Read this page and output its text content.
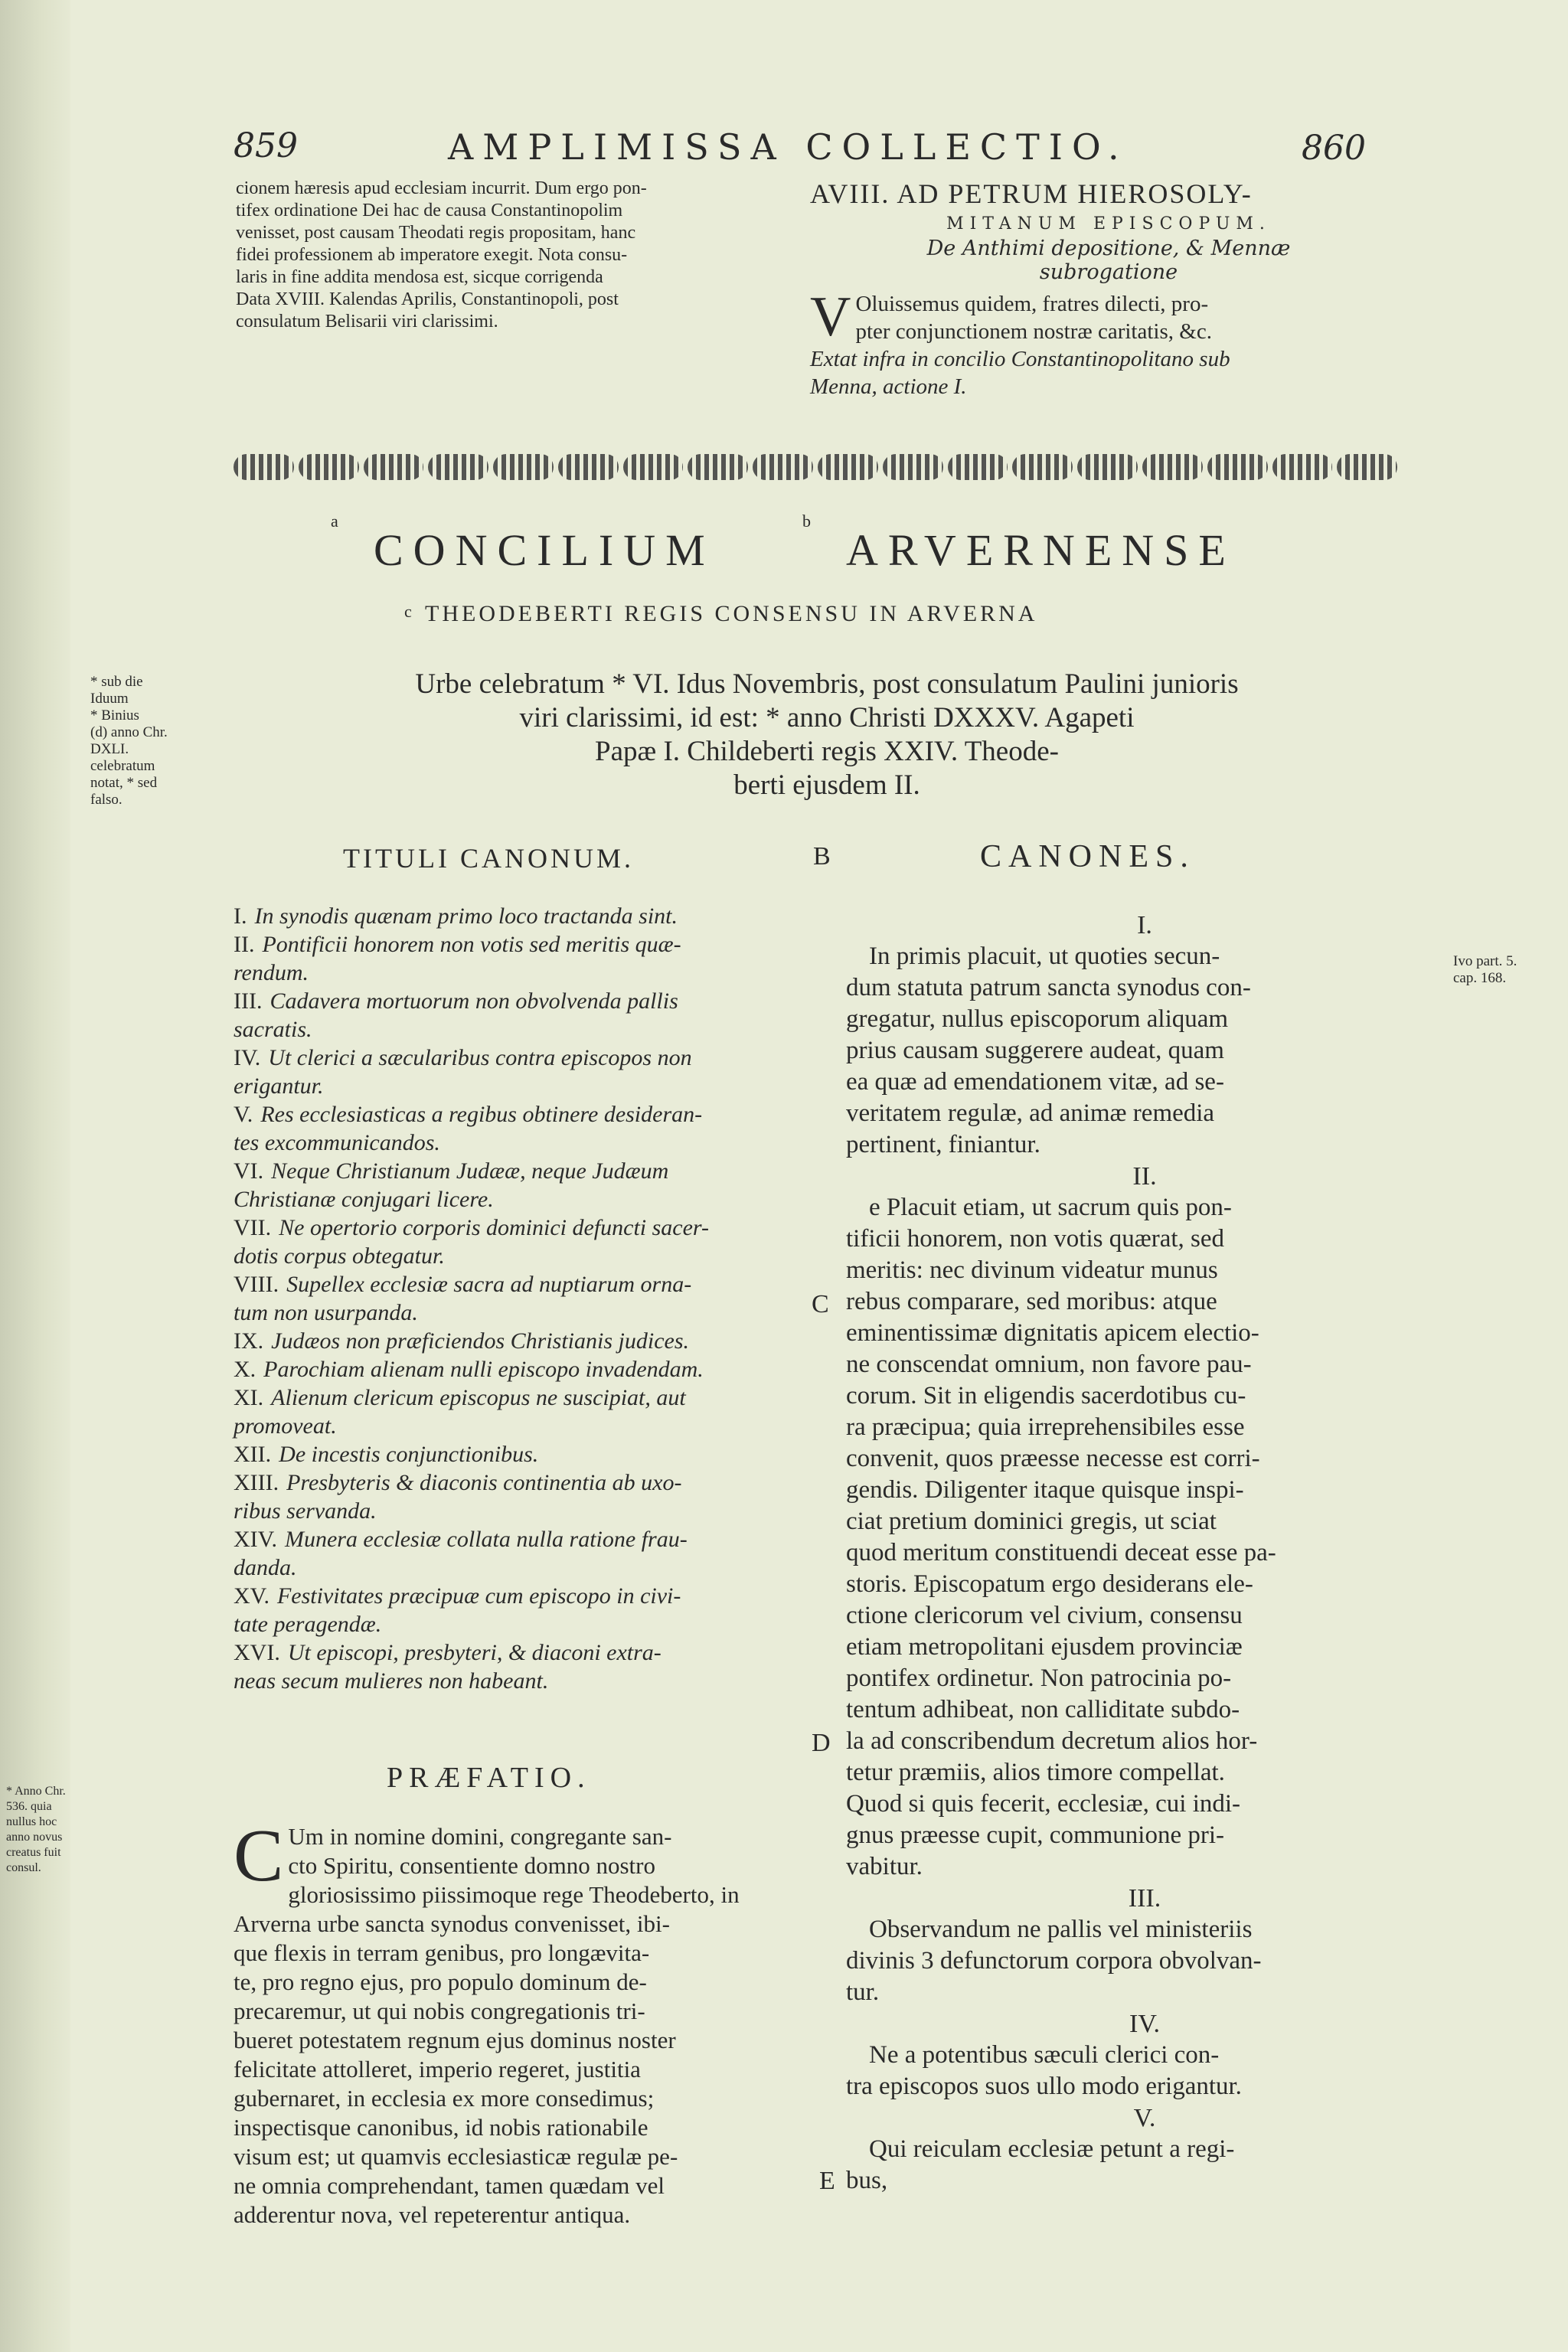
859	AMPLIMISSA COLLECTIO.	860
cionem hæresis apud ecclesiam incurrit. Dum ergo pon-
tifex ordinatione Dei hac de causa Constantinopolim
venisset, post causam Theodati regis propositam, hanc
fidei professionem ab imperatore exegit. Nota consu-
laris in fine addita mendosa est, sicque corrigenda
Data XVIII. Kalendas Aprilis, Constantinopoli, post
consulatum Belisarii viri clarissimi.
AVIII. AD PETRUM HIEROSOLY-
MITANUM EPISCOPUM.
De Anthimi depositione, & Mennæ
subrogatione
V Oluissemus quidem, fratres dilecti, pro-
pter conjunctionem nostræ caritatis, &c.
Extat infra in concilio Constantinopolitano sub
Menna, actione I.
a
CONCILIUM
b
ARVERNENSE
c THEODEBERTI REGIS CONSENSU IN ARVERNA
Urbe celebratum * VI. Idus Novembris, post consulatum Paulini junioris
viri clarissimi, id est: * anno Christi DXXXV. Agapeti
Papæ I. Childeberti regis XXIV. Theode-
berti ejusdem II.
* sub die
Iduum
* Binius
(d) anno Chr.
DXLI.
celebratum
notat, * sed
falso.
* Anno Chr.
536. quia
nullus hoc
anno novus
creatus fuit
consul.
Ivo part. 5.
cap. 168.
TITULI CANONUM.	B	CANONES.
I. In synodis quænam primo loco tractanda sint.
II. Pontificii honorem non votis sed meritis quæ-
rendum.
III. Cadavera mortuorum non obvolvenda pallis
sacratis.
IV. Ut clerici a sæcularibus contra episcopos non
erigantur.
V. Res ecclesiasticas a regibus obtinere desideran-
tes excommunicandos.
VI. Neque Christianum Judææ, neque Judæum
Christianæ conjugari licere.
VII. Ne opertorio corporis dominici defuncti sacer-
dotis corpus obtegatur.
VIII. Supellex ecclesiæ sacra ad nuptiarum orna-
tum non usurpanda.
IX. Judæos non præficiendos Christianis judices.
X. Parochiam alienam nulli episcopo invadendam.
XI. Alienum clericum episcopus ne suscipiat, aut
promoveat.
XII. De incestis conjunctionibus.
XIII. Presbyteris & diaconis continentia ab uxo-
ribus servanda.
XIV. Munera ecclesiæ collata nulla ratione frau-
danda.
XV. Festivitates præcipuæ cum episcopo in civi-
tate peragendæ.
XVI. Ut episcopi, presbyteri, & diaconi extra-
neas secum mulieres non habeant.
C
D
E
PRÆFATIO.
C Um in nomine domini, congregante san-
cto Spiritu, consentiente domno nostro
gloriosissimo piissimoque rege Theodeberto, in
Arverna urbe sancta synodus convenisset, ibi-
que flexis in terram genibus, pro longævita-
te, pro regno ejus, pro populo dominum de-
precaremur, ut qui nobis congregationis tri-
bueret potestatem regnum ejus dominus noster
felicitate attolleret, imperio regeret, justitia
gubernaret, in ecclesia ex more consedimus;
inspectisque canonibus, id nobis rationabile
visum est; ut quamvis ecclesiasticæ regulæ pe-
ne omnia comprehendant, tamen quædam vel
adderentur nova, vel repeterentur antiqua.
I.
In primis placuit, ut quoties secun-
dum statuta patrum sancta synodus con-
gregatur, nullus episcoporum aliquam
prius causam suggerere audeat, quam
ea quæ ad emendationem vitæ, ad se-
veritatem regulæ, ad animæ remedia
pertinent, finiantur.
II.
e Placuit etiam, ut sacrum quis pon-
tificii honorem, non votis quærat, sed
meritis: nec divinum videatur munus
rebus comparare, sed moribus: atque
eminentissimæ dignitatis apicem electio-
ne conscendat omnium, non favore pau-
corum. Sit in eligendis sacerdotibus cu-
ra præcipua; quia irreprehensibiles esse
convenit, quos præesse necesse est corri-
gendis. Diligenter itaque quisque inspi-
ciat pretium dominici gregis, ut sciat
quod meritum constituendi deceat esse pa-
storis. Episcopatum ergo desiderans ele-
ctione clericorum vel civium, consensu
etiam metropolitani ejusdem provinciæ
pontifex ordinetur. Non patrocinia po-
tentum adhibeat, non calliditate subdo-
la ad conscribendum decretum alios hor-
tetur præmiis, alios timore compellat.
Quod si quis fecerit, ecclesiæ, cui indi-
gnus præesse cupit, communione pri-
vabitur.
III.
Observandum ne pallis vel ministeriis
divinis 3 defunctorum corpora obvolvan-
tur.
IV.
Ne a potentibus sæculi clerici con-
tra episcopos suos ullo modo erigantur.
V.
Qui reiculam ecclesiæ petunt a regi-
bus,
